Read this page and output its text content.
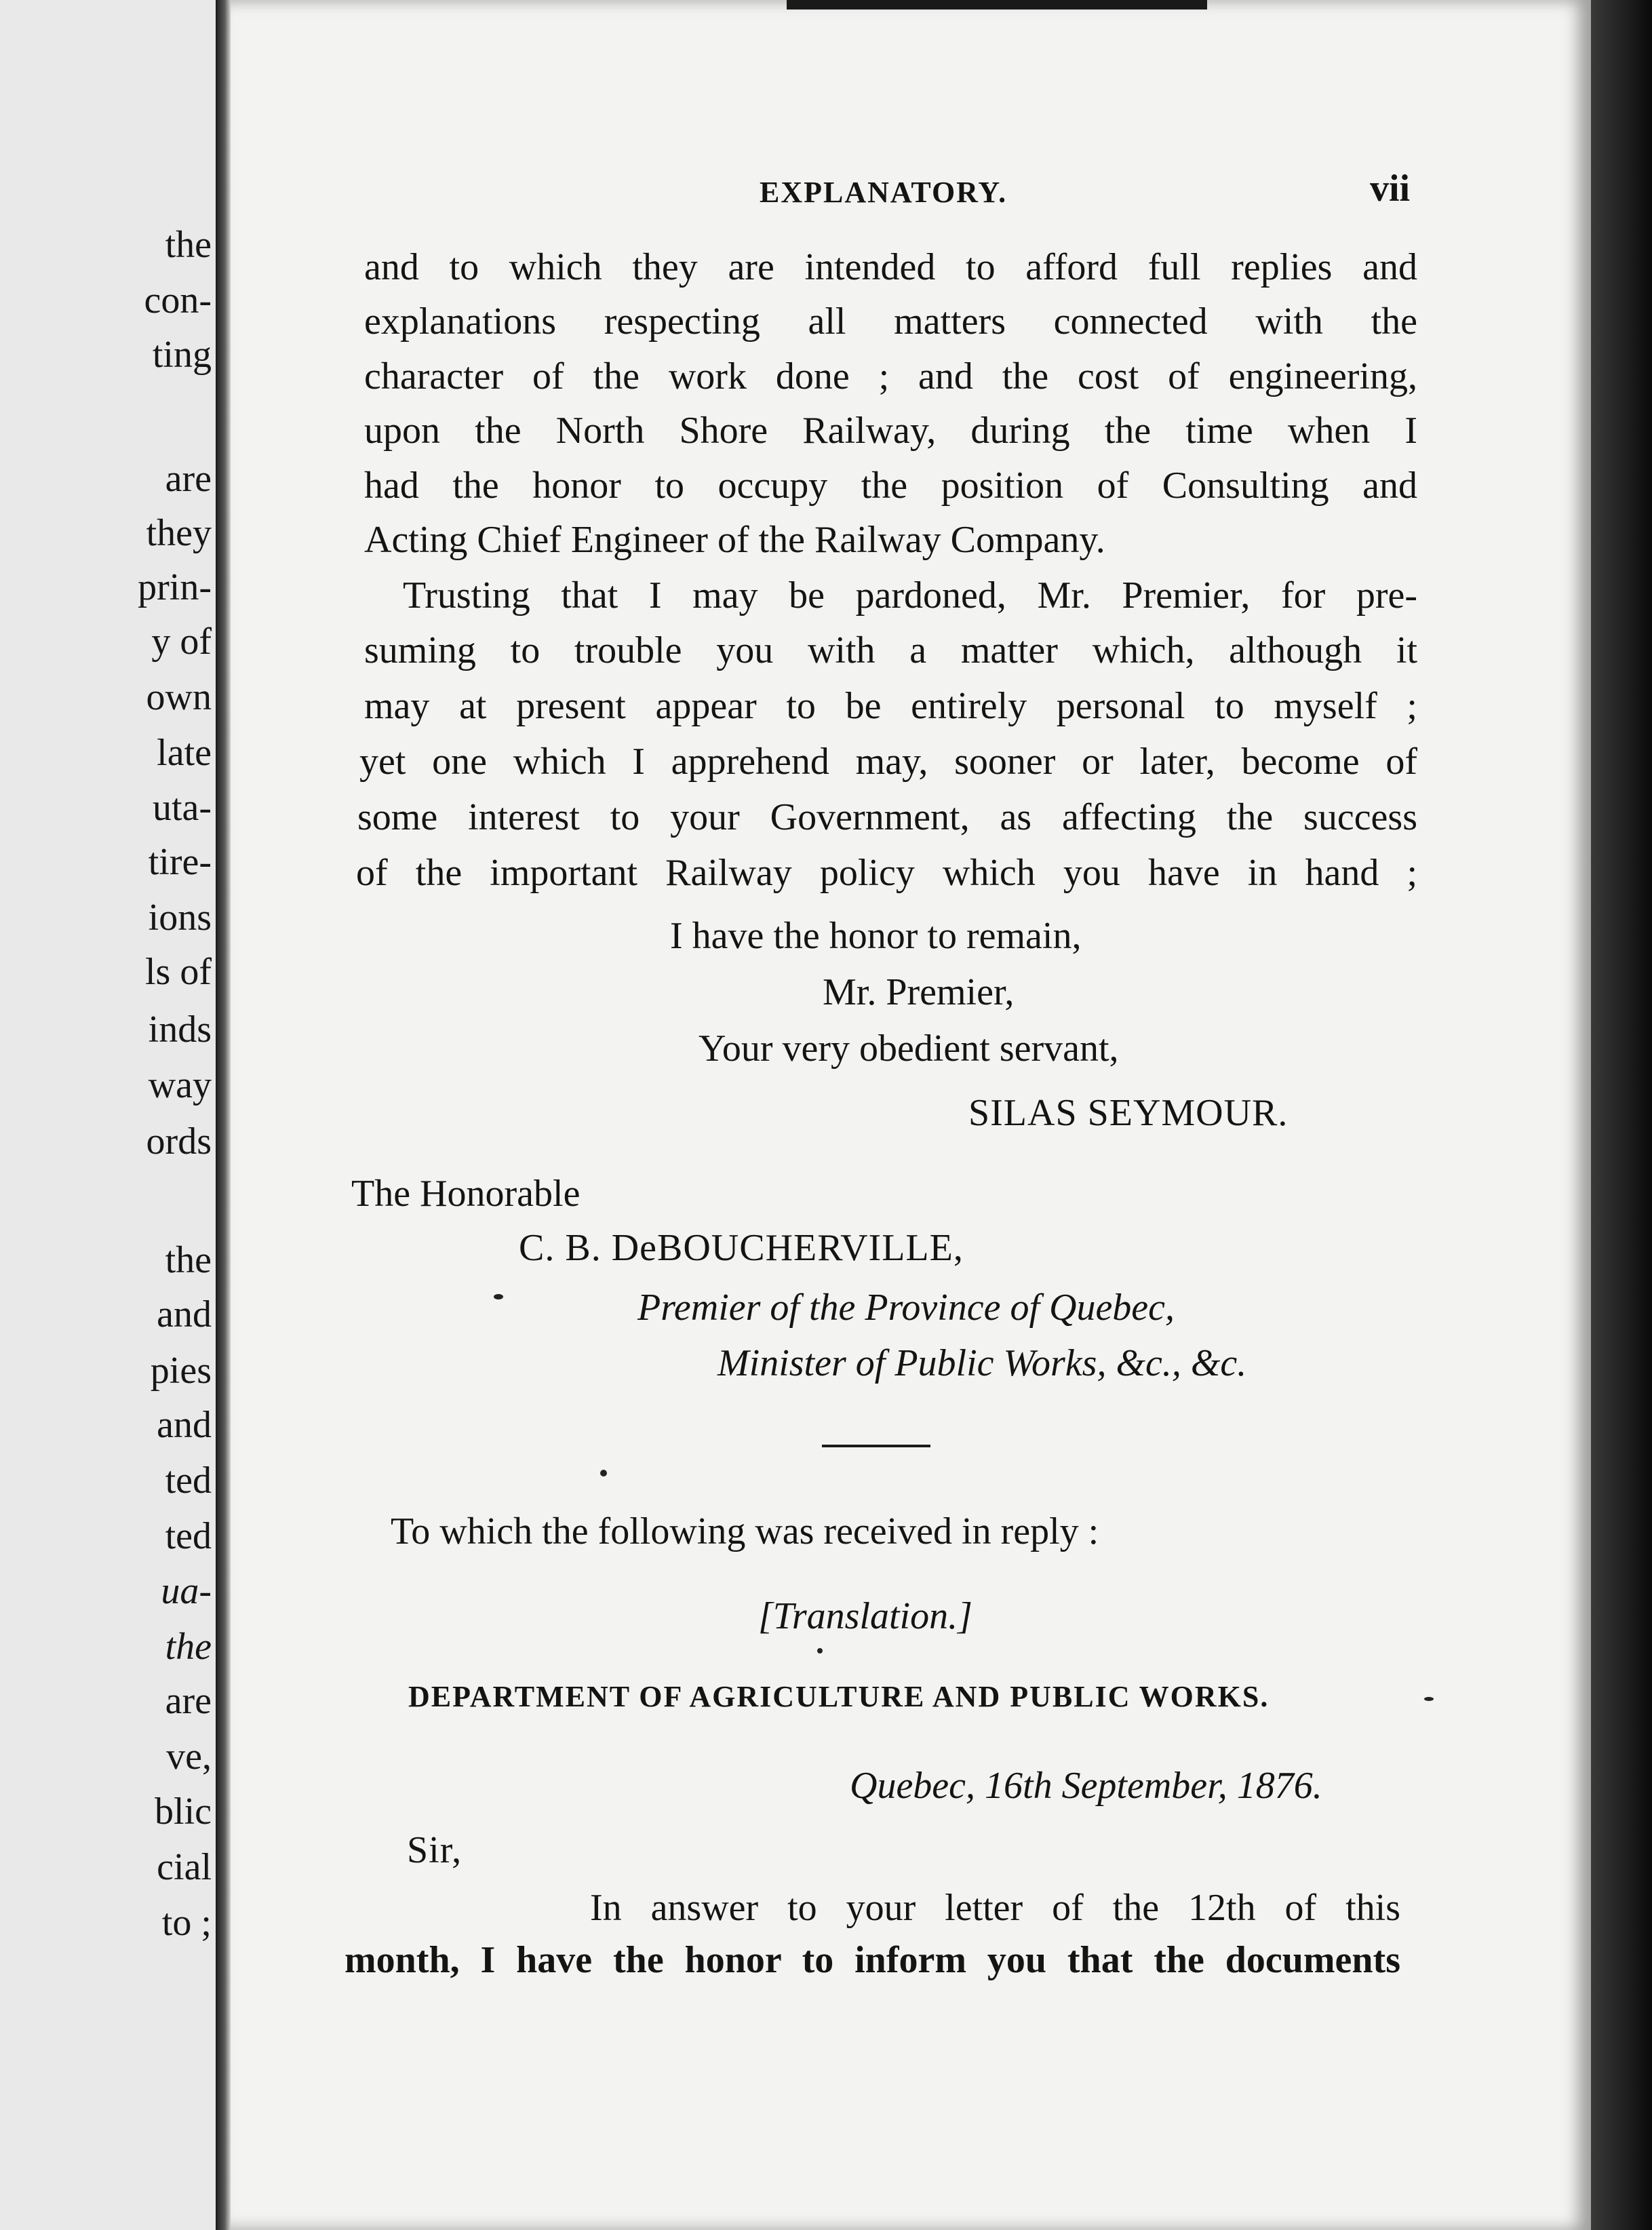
the

con-

ting

are

they

prin-

y of

own

late

uta-

tire-

ions

ls of

inds

way

ords

the

and

pies

and

ted

ted

ua-

the

are

ve,

blic

cial

to ;

EXPLANATORY.	vii

and to which they are intended to afford full replies and

explanations respecting all matters connected with the

character of the work done ; and the cost of engineering,

upon the North Shore Railway, during the time when I

had the honor to occupy the position of Consulting and

Acting Chief Engineer of the Railway Company.

Trusting that I may be pardoned, Mr. Premier, for pre-

suming to trouble you with a matter which, although it

may at present appear to be entirely personal to myself ;

yet one which I apprehend may, sooner or later, become of

some interest to your Government, as affecting the success

of the important Railway policy which you have in hand ;

I have the honor to remain,

Mr. Premier,

Your very obedient servant,

SILAS SEYMOUR.

The Honorable

C. B. DeBOUCHERVILLE,

Premier of the Province of Quebec,

Minister of Public Works, &c., &c.

To which the following was received in reply :

[Translation.]

DEPARTMENT OF AGRICULTURE AND PUBLIC WORKS.

Quebec, 16th September, 1876.

Sir,

In answer to your letter of the 12th of this

month, I have the honor to inform you that the documents
